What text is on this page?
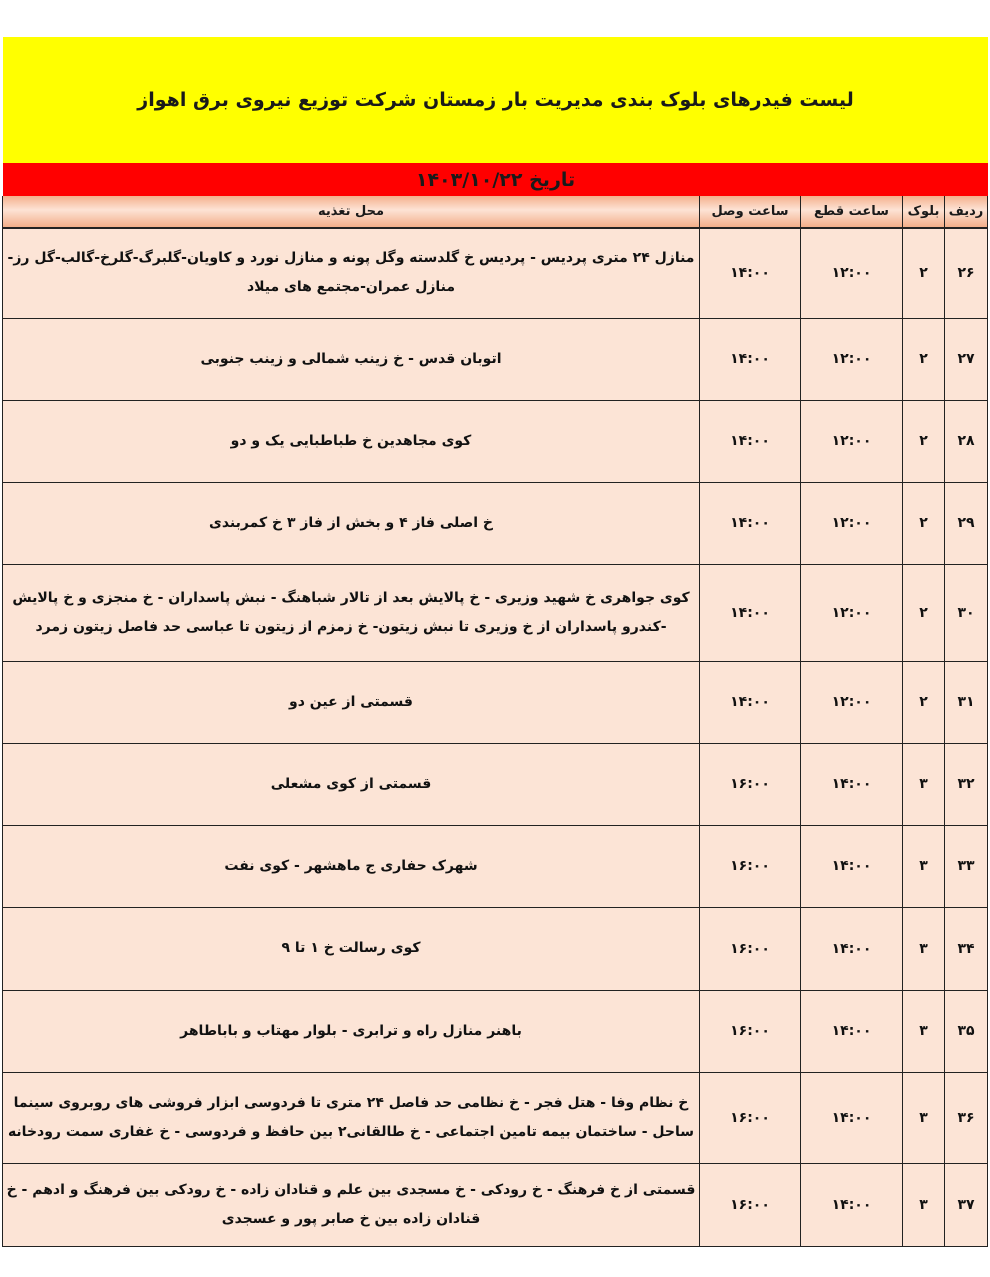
لیست فیدرهای بلوک بندی مدیریت بار زمستان شرکت توزیع نیروی برق اهواز
تاریخ ۱۴۰۳/۱۰/۲۲
ردیف	بلوک	ساعت قطع	ساعت وصل	محل تغذیه
۲۶	۲	۱۲:۰۰	۱۴:۰۰	منازل ۲۴ متری پردیس - پردیس خ گلدسته وگل پونه و منازل نورد و کاویان-گلبرگ-گلرخ-گالب-گل رز- منازل عمران-مجتمع های میلاد
۲۷	۲	۱۲:۰۰	۱۴:۰۰	اتوبان قدس - خ زینب شمالی و زینب جنوبی
۲۸	۲	۱۲:۰۰	۱۴:۰۰	کوی مجاهدین خ طباطبایی یک و دو
۲۹	۲	۱۲:۰۰	۱۴:۰۰	خ اصلی فاز ۴ و بخش از فاز ۳ خ کمربندی
۳۰	۲	۱۲:۰۰	۱۴:۰۰	کوی جواهری خ شهید وزیری - خ پالایش بعد از تالار شباهنگ - نبش پاسداران - خ منجزی و خ پالایش -کندرو پاسداران از خ وزیری تا نبش زیتون- خ زمزم از زیتون تا عباسی حد فاصل زیتون زمرد
۳۱	۲	۱۲:۰۰	۱۴:۰۰	قسمتی از عین دو
۳۲	۳	۱۴:۰۰	۱۶:۰۰	قسمتی از کوی مشعلی
۳۳	۳	۱۴:۰۰	۱۶:۰۰	شهرک حفاری ج ماهشهر - کوی نفت
۳۴	۳	۱۴:۰۰	۱۶:۰۰	کوی رسالت خ ۱ تا ۹
۳۵	۳	۱۴:۰۰	۱۶:۰۰	باهنر منازل راه و ترابری - بلوار مهتاب و باباطاهر
۳۶	۳	۱۴:۰۰	۱۶:۰۰	خ نظام وفا - هتل فجر - خ نظامی حد فاصل ۲۴ متری تا فردوسی ابزار فروشی های روبروی سینما ساحل - ساختمان بیمه تامین اجتماعی - خ طالقانی۲ بین حافظ و فردوسی - خ غفاری سمت رودخانه
۳۷	۳	۱۴:۰۰	۱۶:۰۰	قسمتی از خ فرهنگ - خ رودکی - خ مسجدی بین علم و قنادان زاده - خ رودکی بین فرهنگ و ادهم - خ قنادان زاده بین خ صابر پور و عسجدی
